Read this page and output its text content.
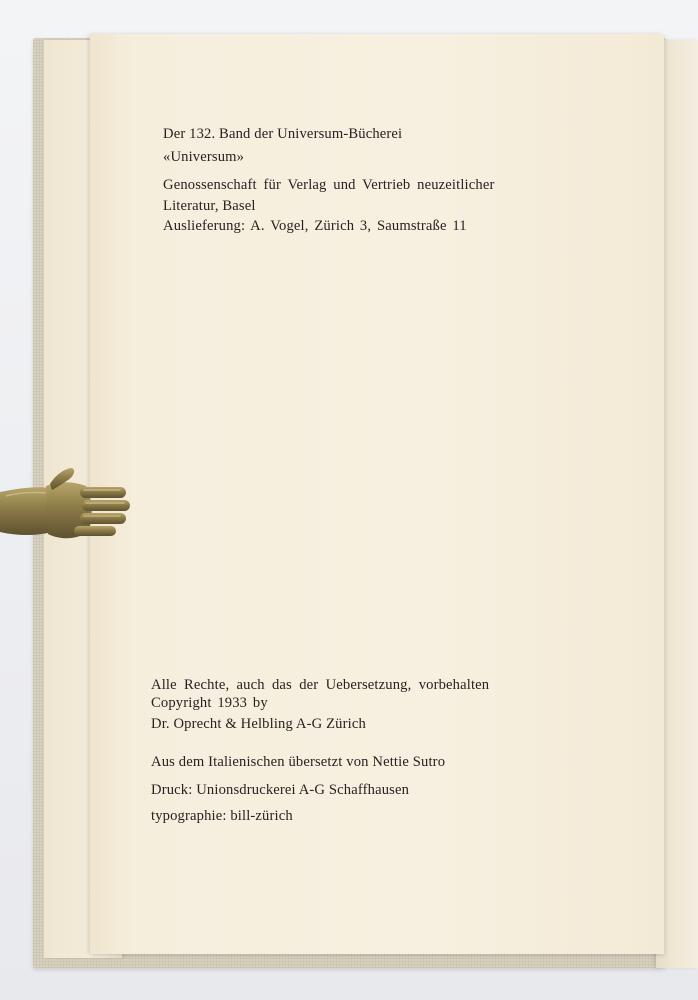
Der 132. Band der Universum-Bücherei
«Universum»
Genossenschaft für Verlag und Vertrieb neuzeitlicher
Literatur, Basel
Auslieferung: A. Vogel, Zürich 3, Saumstraße 11
Alle Rechte, auch das der Uebersetzung, vorbehalten
Copyright 1933 by
Dr. Oprecht & Helbling A-G Zürich
Aus dem Italienischen übersetzt von Nettie Sutro
Druck: Unionsdruckerei A-G Schaffhausen
typographie: bill-zürich
